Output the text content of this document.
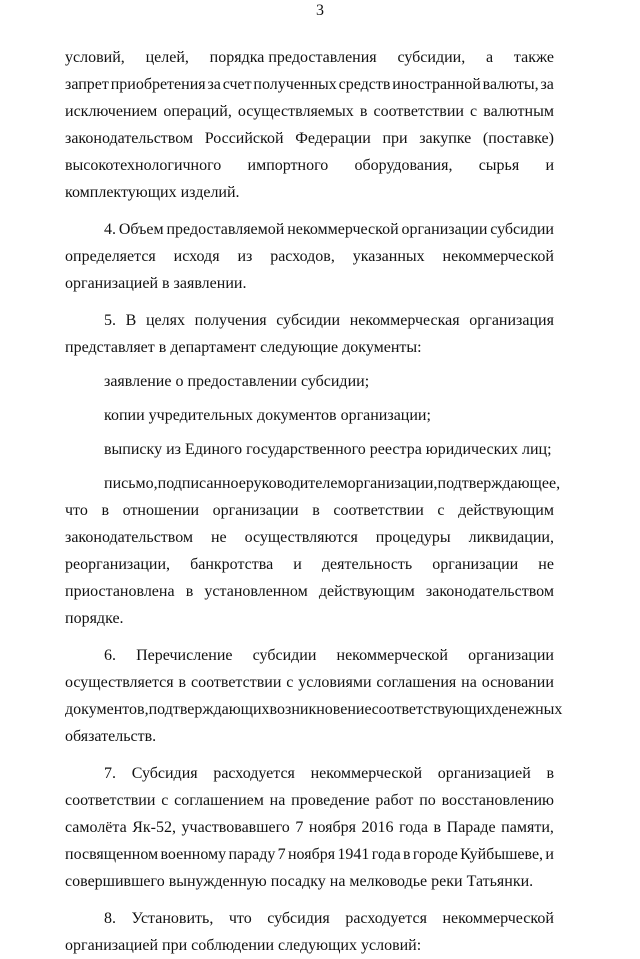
3
условий, целей, порядка предоставления субсидии, а также
запрет приобретения за счет полученных средств иностранной валюты, за
исключением операций, осуществляемых в соответствии с валютным
законодательством Российской Федерации при закупке (поставке)
высокотехнологичного импортного оборудования, сырья и
комплектующих изделий.
4. Объем предоставляемой некоммерческой организации субсидии
определяется исходя из расходов, указанных некоммерческой
организацией в заявлении.
5. В целях получения субсидии некоммерческая организация
представляет в департамент следующие документы:
заявление о предоставлении субсидии;
копии учредительных документов организации;
выписку из Единого государственного реестра юридических лиц;
письмо, подписанное руководителем организации, подтверждающее,
что в отношении организации в соответствии с действующим
законодательством не осуществляются процедуры ликвидации,
реорганизации, банкротства и деятельность организации не
приостановлена в установленном действующим законодательством
порядке.
6. Перечисление субсидии некоммерческой организации
осуществляется в соответствии с условиями соглашения на основании
документов, подтверждающих возникновение соответствующих денежных
обязательств.
7. Субсидия расходуется некоммерческой организацией в
соответствии с соглашением на проведение работ по восстановлению
самолёта Як-52, участвовавшего 7 ноября 2016 года в Параде памяти,
посвященном военному параду 7 ноября 1941 года в городе Куйбышеве, и
совершившего вынужденную посадку на мелководье реки Татьянки.
8. Установить, что субсидия расходуется некоммерческой
организацией при соблюдении следующих условий:
